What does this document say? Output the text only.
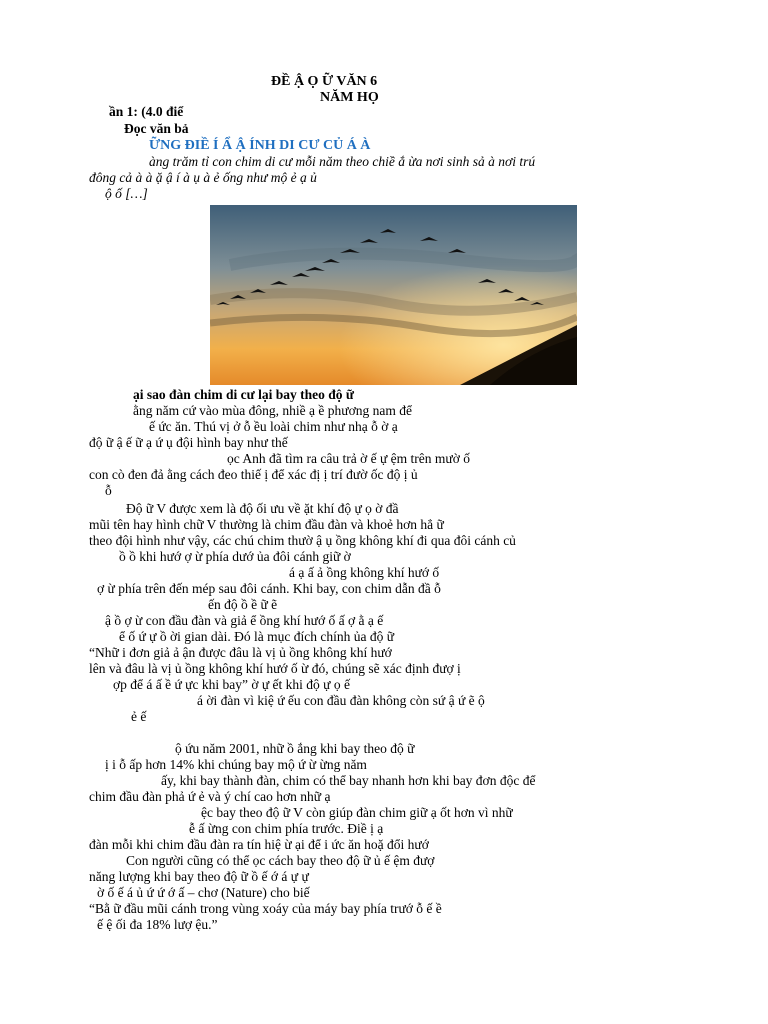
ĐỀ Ậ Ọ Ữ VĂN 6
NĂM HỌ
ần 1: (4.0 điể
Đọc văn bả
ỮNG ĐIỀ Í Ẩ Ậ ÍNH DI CƯ CỦ Á À
àng trăm tỉ con chim di cư mỗi năm theo chiề ắ ừa nơi sinh sả à nơi trú
đông cả à à ặ ậ í à ụ à ẻ ống như mộ ẻ ạ ủ
ộ ố […]
ại sao đàn chim di cư lại bay theo độ ữ
ằng năm cứ vào mùa đông, nhiề ạ ề phương nam để
ế ức ăn. Thú vị ở ỗ ều loài chim như nhạ ỗ ờ ạ
độ ữ ậ ế ữ ạ ứ ụ đội hình bay như thế
ọc Anh đã tìm ra câu trả ờ ế ự ệm trên mườ ố
con cò đen đả ằng cách đeo thiế ị để xác đị ị trí đườ ốc độ ị ủ
ỗ
Độ ữ V được xem là độ ối ưu về ặt khí độ ự ọ ờ đầ
mũi tên hay hình chữ V thường là chim đầu đàn và khoẻ hơn hẳ ữ
theo đội hình như vậy, các chú chim thườ ậ ụ ồng không khí đi qua đôi cánh củ
ồ ồ khi hướ ợ ừ phía dướ ủa đôi cánh giữ ờ
á ạ ấ ả ồng không khí hướ ố
ợ ừ phía trên đến mép sau đôi cánh. Khi bay, con chim dẫn đầ ỗ
ến độ ồ ề ữ ẽ
ậ ồ ợ ừ con đầu đàn và giả ể ồng khí hướ ố ấ ợ ằ ạ ế
ể ố ứ ự ồ ời gian dài. Đó là mục đích chính ủa độ ữ
“Nhữ i đơn giả ả ận được đâu là vị ủ ồng không khí hướ
lên và đâu là vị ủ ồng không khí hướ ố ừ đó, chúng sẽ xác định đượ ị
ợp để á ấ ề ứ ực khi bay” ờ ự ết khi độ ự ọ ế
á ời đàn vì kiệ ứ ếu con đầu đàn không còn sứ ậ ứ ẽ ộ
ẻ ế
ộ ứu năm 2001, nhữ ồ ắng khi bay theo độ ữ
ị i ỗ ấp hơn 14% khi chúng bay mộ ứ ừ ừng năm
ấy, khi bay thành đàn, chim có thể bay nhanh hơn khi bay đơn độc để
chim đầu đàn phả ứ ẻ và ý chí cao hơn nhữ ạ
ệc bay theo độ ữ V còn giúp đàn chim giữ ạ ốt hơn vì nhữ
ễ ấ ừng con chim phía trước. Điề ị ạ
đàn mỗi khi chim đầu đàn ra tín hiệ ừ ại để i ức ăn hoặ đổi hướ
Con người cũng có thể ọc cách bay theo độ ữ ủ ế ệm đượ
năng lượng khi bay theo độ ữ ồ ế ớ á ự ự
ờ ố ế á ủ ứ ứ ớ ấ – chơ (Nature) cho biế
“Bằ ữ đầu mũi cánh trong vùng xoáy của máy bay phía trướ ỗ ế ề
ế ệ ối đa 18% lượ ệu.”
